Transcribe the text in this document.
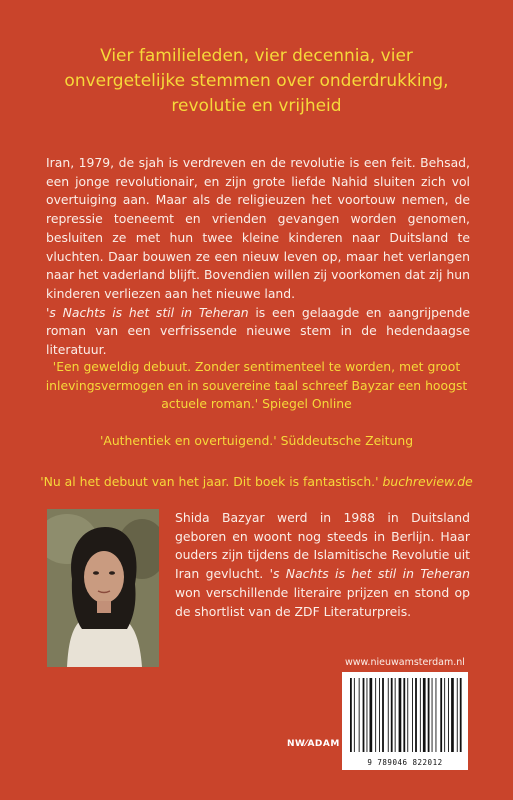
Vier familieleden, vier decennia, vier onvergetelijke stemmen over onderdrukking, revolutie en vrijheid

Iran, 1979, de sjah is verdreven en de revolutie is een feit. Behsad, een jonge revolutionair, en zijn grote liefde Nahid sluiten zich vol overtuiging aan. Maar als de religieuzen het voortouw nemen, de repressie toeneemt en vrienden gevangen worden genomen, besluiten ze met hun twee kleine kinderen naar Duitsland te vluchten. Daar bouwen ze een nieuw leven op, maar het verlangen naar het vaderland blijft. Bovendien willen zij voorkomen dat zij hun kinderen verliezen aan het nieuwe land.

's Nachts is het stil in Teheran is een gelaagde en aangrijpende roman van een verfrissende nieuwe stem in de hedendaagse literatuur.

'Een geweldig debuut. Zonder sentimenteel te worden, met groot inlevingsvermogen en in souvereine taal schreef Bayzar een hoogst actuele roman.' Spiegel Online
'Authentiek en overtuigend.' Süddeutsche Zeitung
'Nu al het debuut van het jaar. Dit boek is fantastisch.' buchreview.de
Shida Bazyar werd in 1988 in Duitsland geboren en woont nog steeds in Berlijn. Haar ouders zijn tijdens de Islamitische Revolutie uit Iran gevlucht. 's Nachts is het stil in Teheran won verschillende literaire prijzen en stond op de shortlist van de ZDF Literaturpreis.
www.nieuwamsterdam.nl
NW⁄ADAM
9 789046 822012
